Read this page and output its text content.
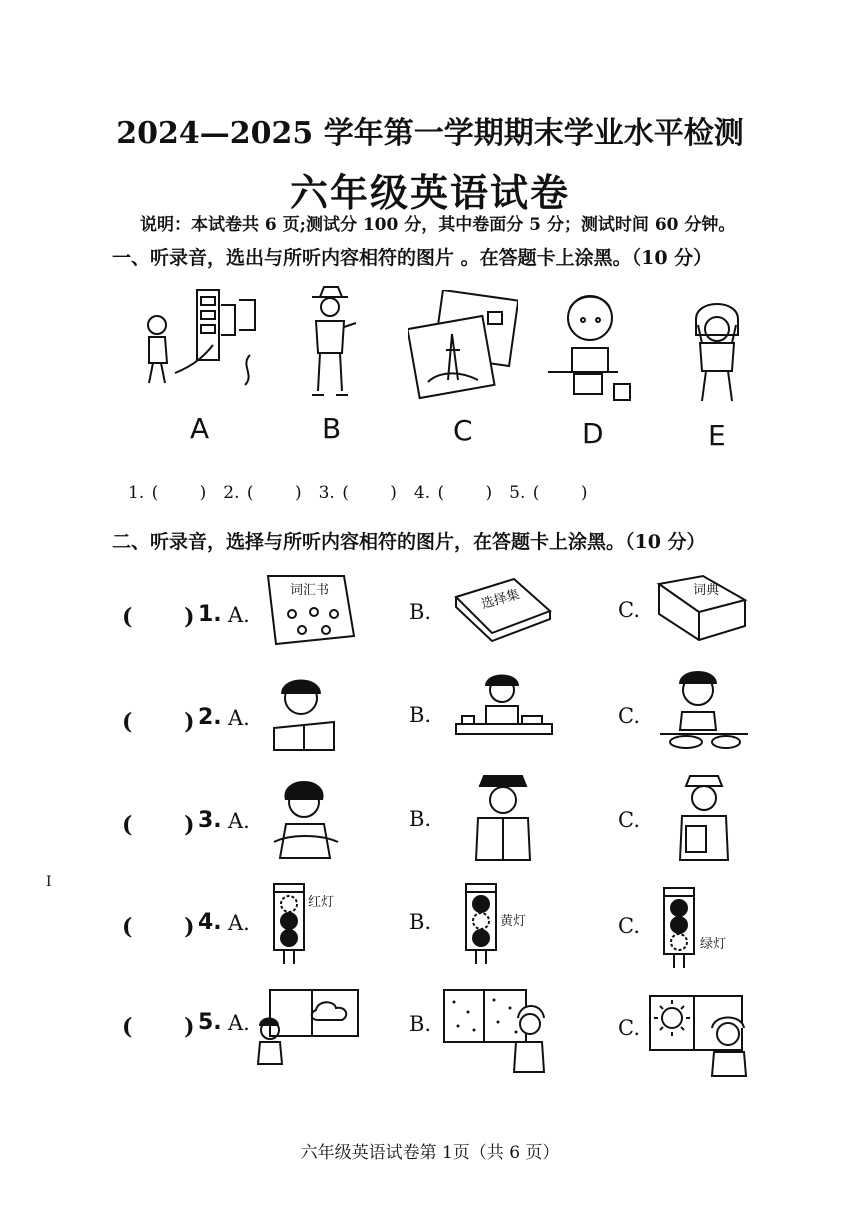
2024—2025 学年第一学期期末学业水平检测
六年级英语试卷
说明：本试卷共 6 页;测试分 100 分，其中卷面分 5 分；测试时间 60 分钟。
一、听录音，选出与所听内容相符的图片 。在答题卡上涂黑。（10 分）
A	B	C	D	E
1. (　　 )　2. (　　 )　3. (　　 )　4. (　　 )　5. (　　 )
二、听录音，选择与所听内容相符的图片，在答题卡上涂黑。（10 分）
(　　 ) 1. A.
词汇书
B.	选择集	C.
词典
(　　 ) 2. A.	B.	C.
(　　 ) 3. A.	B.	C.
I
(　　 ) 4. A.
红灯
B.	黄灯	C.
绿灯
(　　 ) 5. A.	B.	C.
六年级英语试卷第 1页（共 6 页）
